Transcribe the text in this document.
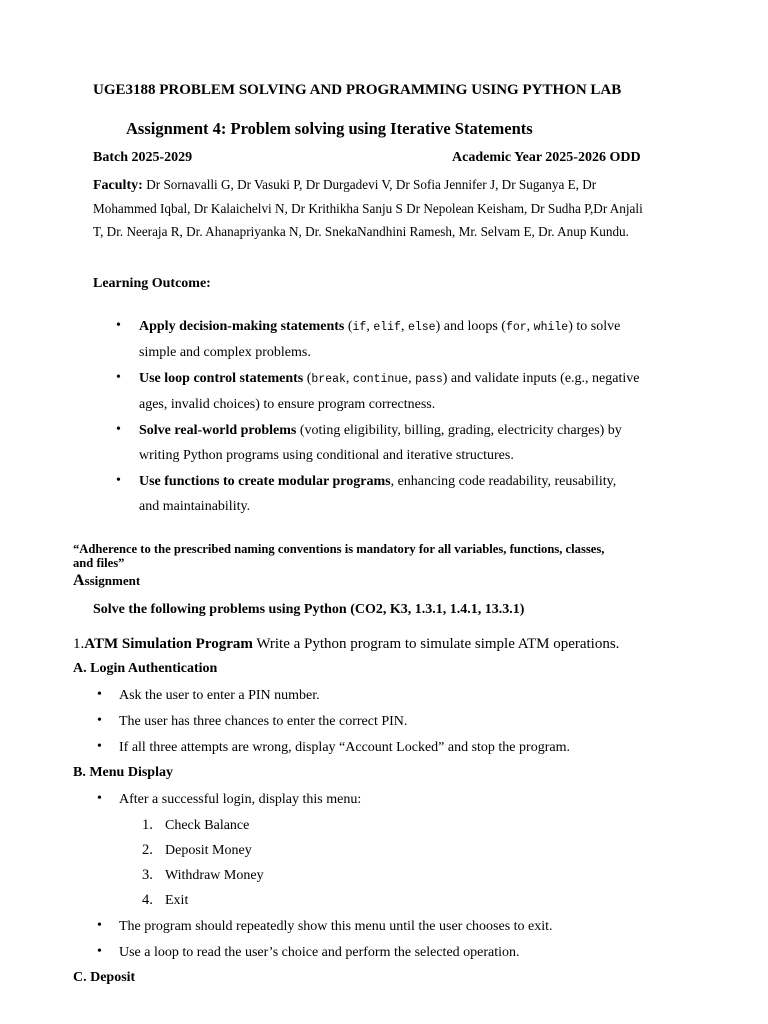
UGE3188 PROBLEM SOLVING AND PROGRAMMING USING PYTHON LAB
Assignment 4: Problem solving using Iterative Statements
Batch 2025-2029	Academic Year 2025-2026 ODD
Faculty: Dr Sornavalli G, Dr Vasuki P, Dr Durgadevi V, Dr Sofia Jennifer J, Dr Suganya E, Dr
Mohammed Iqbal, Dr Kalaichelvi N, Dr Krithikha Sanju S Dr Nepolean Keisham, Dr Sudha P,Dr Anjali
T, Dr. Neeraja R, Dr. Ahanapriyanka N, Dr. SnekaNandhini Ramesh, Mr. Selvam E, Dr. Anup Kundu.
Learning Outcome:
• Apply decision-making statements (if, elif, else) and loops (for, while) to solve
simple and complex problems.
• Use loop control statements (break, continue, pass) and validate inputs (e.g., negative
ages, invalid choices) to ensure program correctness.
• Solve real-world problems (voting eligibility, billing, grading, electricity charges) by
writing Python programs using conditional and iterative structures.
• Use functions to create modular programs, enhancing code readability, reusability,
and maintainability.
“Adherence to the prescribed naming conventions is mandatory for all variables, functions, classes,
and files”
Assignment
Solve the following problems using Python (CO2, K3, 1.3.1, 1.4.1, 13.3.1)
1.ATM Simulation Program Write a Python program to simulate simple ATM operations.
A. Login Authentication
• Ask the user to enter a PIN number.
• The user has three chances to enter the correct PIN.
• If all three attempts are wrong, display “Account Locked” and stop the program.
B. Menu Display
• After a successful login, display this menu:
1. Check Balance
2. Deposit Money
3. Withdraw Money
4. Exit
• The program should repeatedly show this menu until the user chooses to exit.
• Use a loop to read the user’s choice and perform the selected operation.
C. Deposit
